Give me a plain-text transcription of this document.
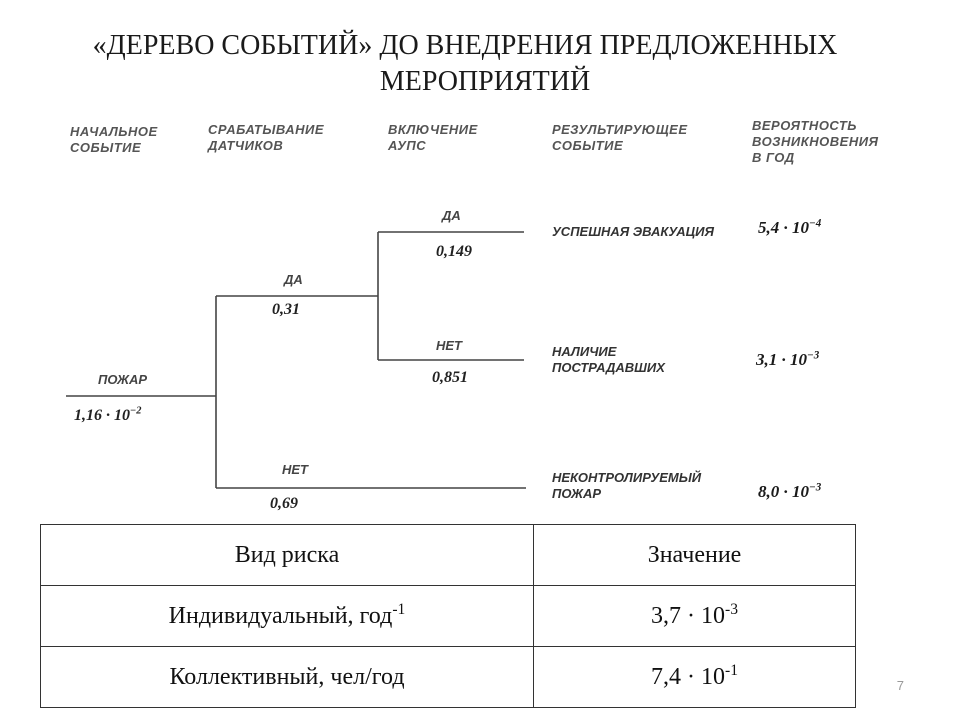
«ДЕРЕВО СОБЫТИЙ» ДО ВНЕДРЕНИЯ ПРЕДЛОЖЕННЫХ
МЕРОПРИЯТИЙ
НАЧАЛЬНОЕ
СОБЫТИЕ
СРАБАТЫВАНИЕ
ДАТЧИКОВ
ВКЛЮЧЕНИЕ
АУПС
РЕЗУЛЬТИРУЮЩЕЕ
СОБЫТИЕ
ВЕРОЯТНОСТЬ
ВОЗНИКНОВЕНИЯ
В ГОД
ПОЖАР
$1,16 \cdot 10^{-2}$
ДА
0,31
НЕТ
0,69
ДА
0,149
НЕТ
0,851
УСПЕШНАЯ ЭВАКУАЦИЯ	$5,4 \cdot 10^{-4}$
НАЛИЧИЕ
ПОСТРАДАВШИХ	$3,1 \cdot 10^{-3}$
НЕКОНТРОЛИРУЕМЫЙ
ПОЖАР	$8,0 \cdot 10^{-3}$
Вид риска	Значение
Индивидуальный, год$^{-1}$	$3,7 \cdot 10^{-3}$
Коллективный, чел/год	$7,4 \cdot 10^{-1}$
7
